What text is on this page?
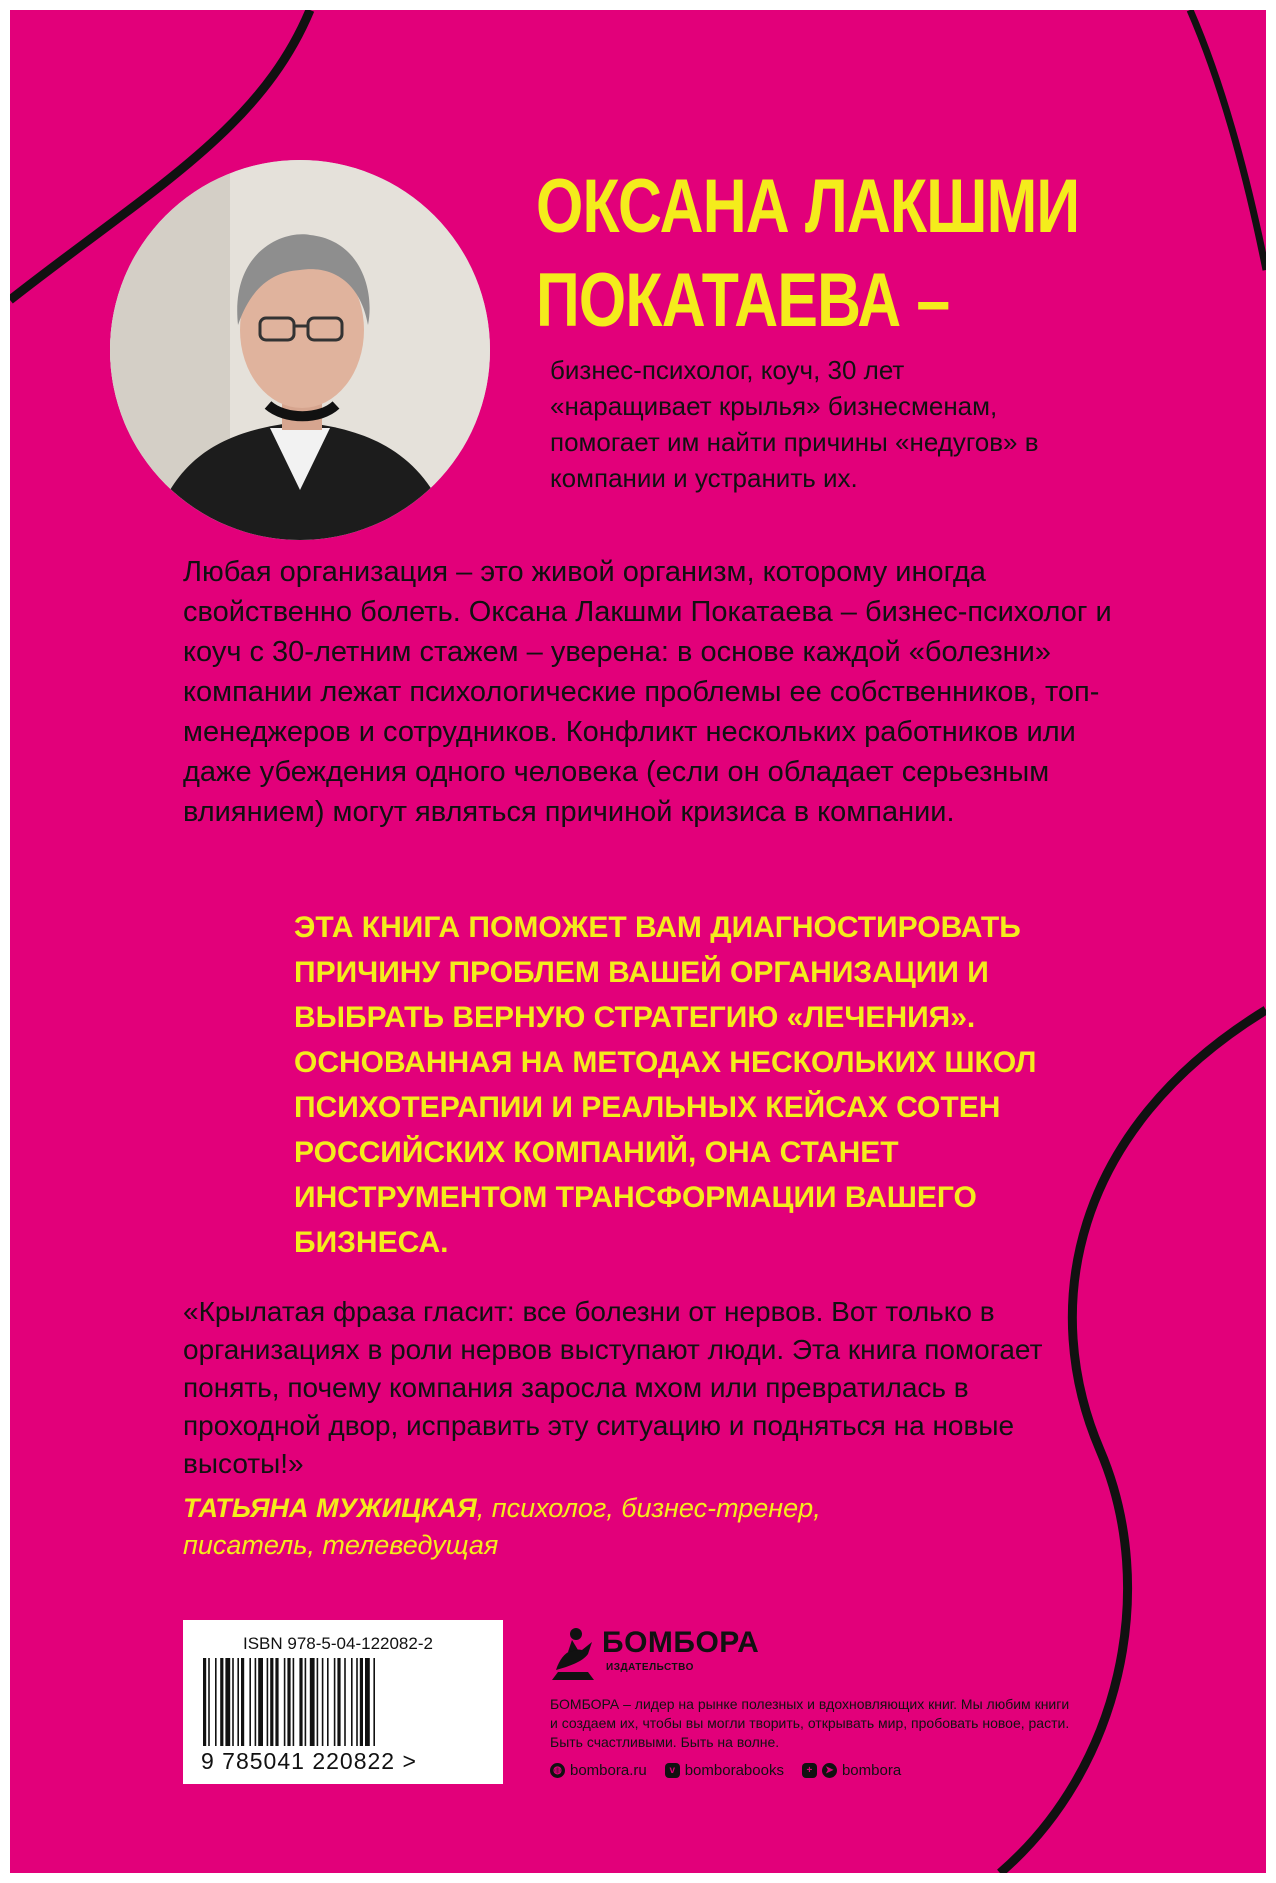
ОКСАНА ЛАКШМИ ПОКАТАЕВА –

бизнес-психолог, коуч, 30 лет «наращивает крылья» бизнесменам, помогает им найти причины «недугов» в компании и устранить их.

Любая организация – это живой организм, которому иногда свойственно болеть. Оксана Лакшми Покатаева – бизнес-психолог и коуч с 30-летним стажем – уверена: в основе каждой «болезни» компании лежат психологические проблемы ее собственников, топ-менеджеров и сотрудников. Конфликт нескольких работников или даже убеждения одного человека (если он обладает серьезным влиянием) могут являться причиной кризиса в компании.

ЭТА КНИГА ПОМОЖЕТ ВАМ ДИАГНОСТИРОВАТЬ ПРИЧИНУ ПРОБЛЕМ ВАШЕЙ ОРГАНИЗАЦИИ И ВЫБРАТЬ ВЕРНУЮ СТРАТЕГИЮ «ЛЕЧЕНИЯ». ОСНОВАННАЯ НА МЕТОДАХ НЕСКОЛЬКИХ ШКОЛ ПСИХОТЕРАПИИ И РЕАЛЬНЫХ КЕЙСАХ СОТЕН РОССИЙСКИХ КОМПАНИЙ, ОНА СТАНЕТ ИНСТРУМЕНТОМ ТРАНСФОРМАЦИИ ВАШЕГО БИЗНЕСА.

«Крылатая фраза гласит: все болезни от нервов. Вот только в организациях в роли нервов выступают люди. Эта книга помогает понять, почему компания заросла мхом или превратилась в проходной двор, исправить эту ситуацию и подняться на новые высоты!»

ТАТЬЯНА МУЖИЦКАЯ, психолог, бизнес-тренер, писатель, телеведущая

ISBN 978-5-04-122082-2
9 785041 220822 >
БОМБОРА
ИЗДАТЕЛЬСТВО

БОМБОРА – лидер на рынке полезных и вдохновляющих книг. Мы любим книги и создаем их, чтобы вы могли творить, открывать мир, пробовать новое, расти. Быть счастливыми. Быть на волне.

◍ bombora.ru	v bomborabooks	+	➤ bombora
